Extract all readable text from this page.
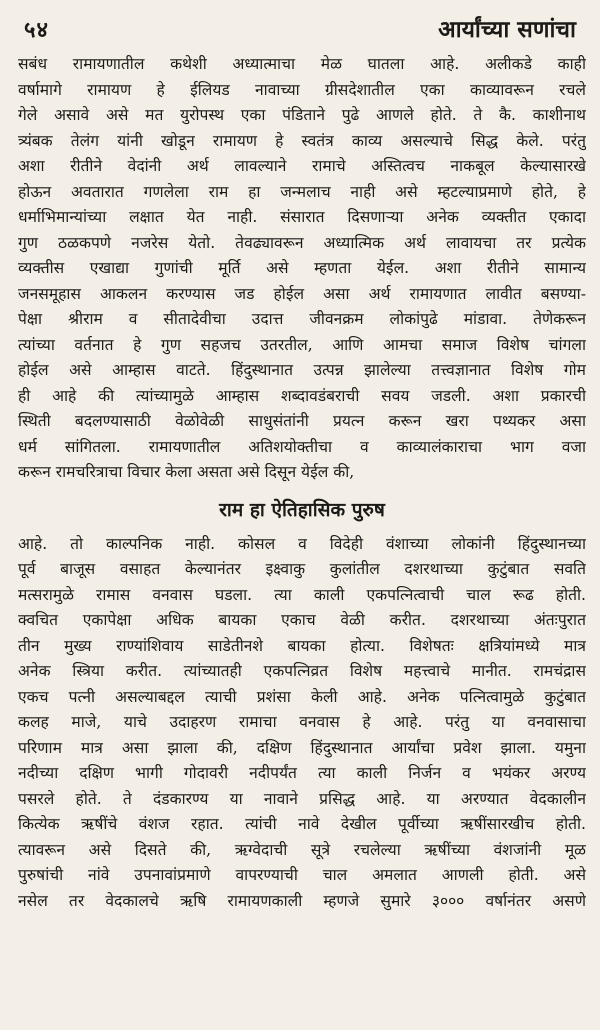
५४	आर्यांच्या सणांचा
सबंध रामायणातील कथेशी अध्यात्माचा मेळ घातला आहे. अलीकडे काही
वर्षामागे रामायण हे ईलियड नावाच्या ग्रीसदेशातील एका काव्यावरून रचले
गेले असावे असे मत युरोपस्थ एका पंडिताने पुढे आणले होते. ते कै. काशीनाथ
त्र्यंबक तेलंग यांनी खोडून रामायण हे स्वतंत्र काव्य असल्याचे सिद्ध केले. परंतु
अशा रीतीने वेदांनी अर्थ लावल्याने रामाचे अस्तित्वच नाकबूल केल्यासारखे
होऊन अवतारात गणलेला राम हा जन्मलाच नाही असे म्हटल्याप्रमाणे होते, हे
धर्माभिमान्यांच्या लक्षात येत नाही. संसारात दिसणाऱ्या अनेक व्यक्तीत एकादा
गुण ठळकपणे नजरेस येतो. तेवढ्यावरून अध्यात्मिक अर्थ लावायचा तर प्रत्येक
व्यक्तीस एखाद्या गुणांची मूर्ति असे म्हणता येईल. अशा रीतीने सामान्य
जनसमूहास आकलन करण्यास जड होईल असा अर्थ रामायणात लावीत बसण्या-
पेक्षा श्रीराम व सीतादेवीचा उदात्त जीवनक्रम लोकांपुढे मांडावा. तेणेकरून
त्यांच्या वर्तनात हे गुण सहजच उतरतील, आणि आमचा समाज विशेष चांगला
होईल असे आम्हास वाटते. हिंदुस्थानात उत्पन्न झालेल्या तत्त्वज्ञानात विशेष गोम
ही आहे की त्यांच्यामुळे आम्हास शब्दावडंबराची सवय जडली. अशा प्रकारची
स्थिती बदलण्यासाठी वेळोवेळी साधुसंतांनी प्रयत्न करून खरा पथ्यकर असा
धर्म सांगितला. रामायणातील अतिशयोक्तीचा व काव्यालंकाराचा भाग वजा
करून रामचरित्राचा विचार केला असता असे दिसून येईल की,
राम हा ऐतिहासिक पुरुष
आहे. तो काल्पनिक नाही. कोसल व विदेही वंशाच्या लोकांनी हिंदुस्थानच्या
पूर्व बाजूस वसाहत केल्यानंतर इक्ष्वाकु कुलांतील दशरथाच्या कुटुंबात सवति
मत्सरामुळे रामास वनवास घडला. त्या काली एकपत्नित्वाची चाल रूढ होती.
क्वचित एकापेक्षा अधिक बायका एकाच वेळी करीत. दशरथाच्या अंतःपुरात
तीन मुख्य राण्यांशिवाय साडेतीनशे बायका होत्या. विशेषतः क्षत्रियांमध्ये मात्र
अनेक स्त्रिया करीत. त्यांच्यातही एकपत्निव्रत विशेष महत्त्वाचे मानीत. रामचंद्रास
एकच पत्नी असल्याबद्दल त्याची प्रशंसा केली आहे. अनेक पत्नित्वामुळे कुटुंबात
कलह माजे, याचे उदाहरण रामाचा वनवास हे आहे. परंतु या वनवासाचा
परिणाम मात्र असा झाला की, दक्षिण हिंदुस्थानात आर्यांचा प्रवेश झाला. यमुना
नदीच्या दक्षिण भागी गोदावरी नदीपर्यंत त्या काली निर्जन व भयंकर अरण्य
पसरले होते. ते दंडकारण्य या नावाने प्रसिद्ध आहे. या अरण्यात वेदकालीन
कित्येक ऋषींचे वंशज रहात. त्यांची नावे देखील पूर्वीच्या ऋषींसारखीच होती.
त्यावरून असे दिसते की, ऋग्वेदाची सूत्रे रचलेल्या ऋषींच्या वंशजांनी मूळ
पुरुषांची नांवे उपनावांप्रमाणे वापरण्याची चाल अमलात आणली होती. असे
नसेल तर वेदकालचे ऋषि रामायणकाली म्हणजे सुमारे ३००० वर्षानंतर असणे
